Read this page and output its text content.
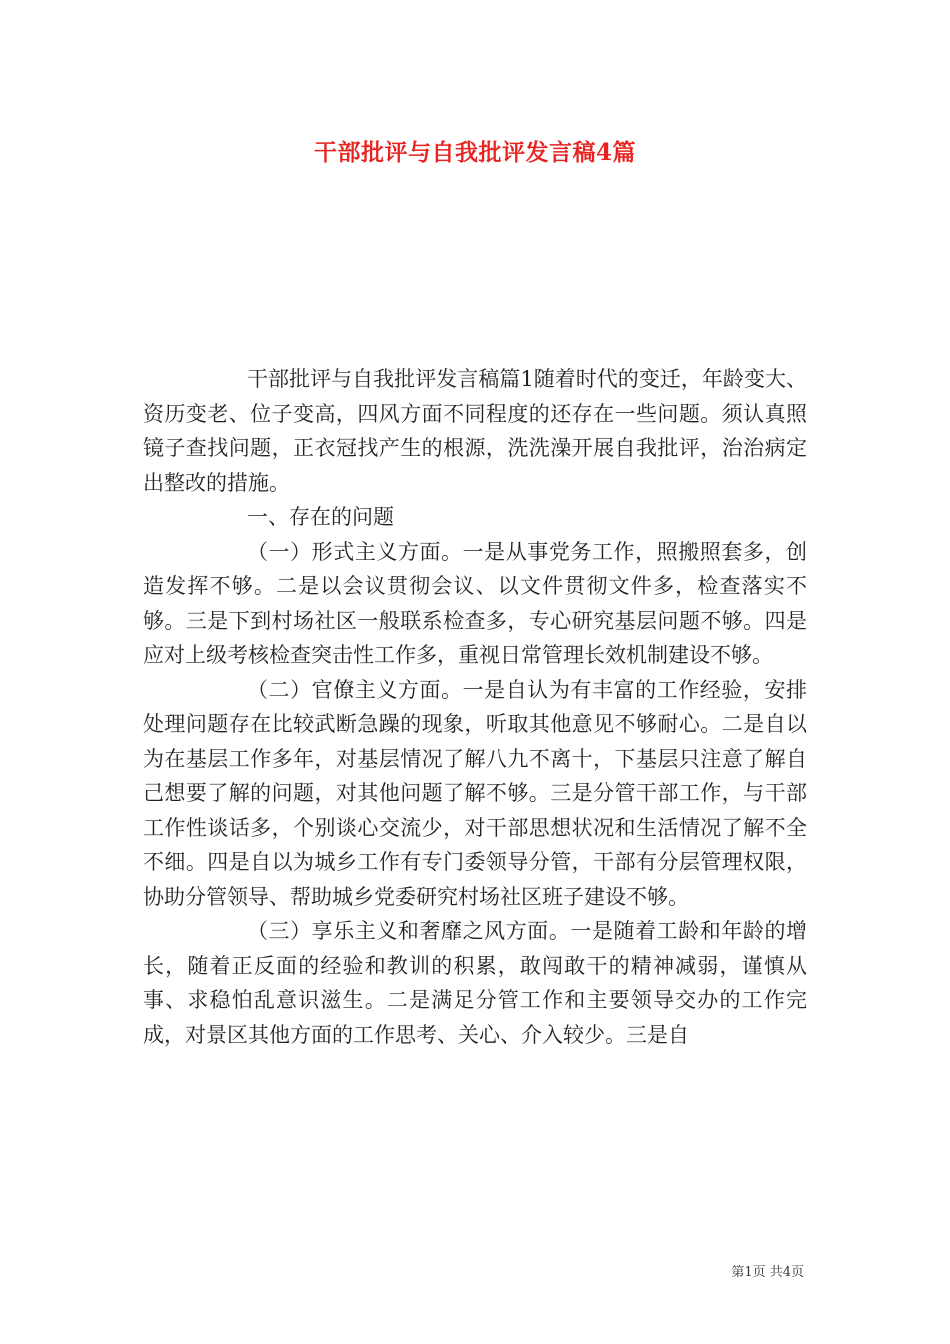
干部批评与自我批评发言稿4篇

干部批评与自我批评发言稿篇1随着时代的变迁，年龄变大、资历变老、位子变高，四风方面不同程度的还存在一些问题。须认真照镜子查找问题，正衣冠找产生的根源，洗洗澡开展自我批评，治治病定出整改的措施。

一、存在的问题

（一）形式主义方面。一是从事党务工作，照搬照套多，创造发挥不够。二是以会议贯彻会议、以文件贯彻文件多，检查落实不够。三是下到村场社区一般联系检查多，专心研究基层问题不够。四是应对上级考核检查突击性工作多，重视日常管理长效机制建设不够。

（二）官僚主义方面。一是自认为有丰富的工作经验，安排处理问题存在比较武断急躁的现象，听取其他意见不够耐心。二是自以为在基层工作多年，对基层情况了解八九不离十，下基层只注意了解自己想要了解的问题，对其他问题了解不够。三是分管干部工作，与干部工作性谈话多，个别谈心交流少，对干部思想状况和生活情况了解不全不细。四是自以为城乡工作有专门委领导分管，干部有分层管理权限，协助分管领导、帮助城乡党委研究村场社区班子建设不够。

（三）享乐主义和奢靡之风方面。一是随着工龄和年龄的增长，随着正反面的经验和教训的积累，敢闯敢干的精神减弱，谨慎从事、求稳怕乱意识滋生。二是满足分管工作和主要领导交办的工作完成，对景区其他方面的工作思考、关心、介入较少。三是自

第1页 共4页
